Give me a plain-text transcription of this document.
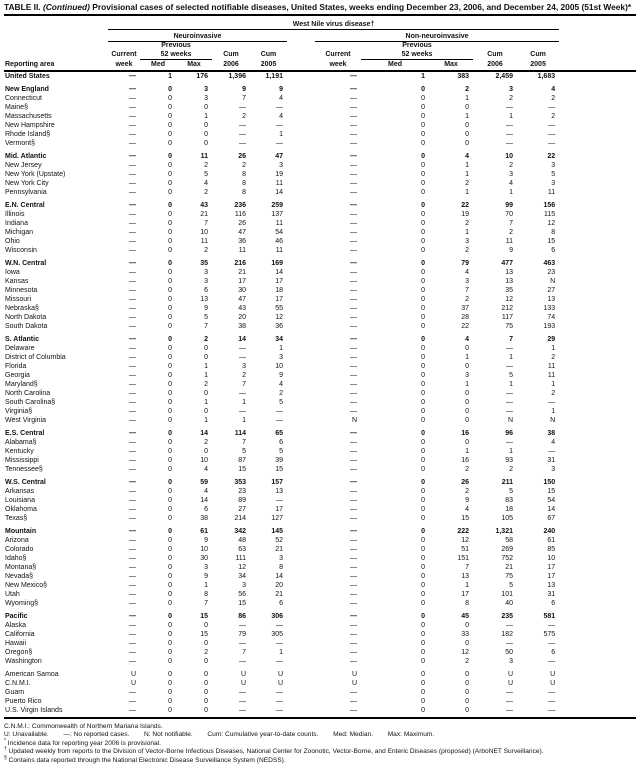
TABLE II. (Continued) Provisional cases of selected notifiable diseases, United States, weeks ending December 23, 2006, and December 24, 2005 (51st Week)*
	West Nile virus disease†											
	Neuroinvasive						Non-neuroinvasive					
		Previous						Previous				
	Current	52 weeks		Cum	Cum		Current	52 weeks		Cum	Cum	
Reporting area	week	Med	Max	2006	2005		week	Med	Max	2006	2005	
United States	—	1	176	1,396	1,191		—	1	383	2,459	1,683	

New England	—	0	3	9	9		—	0	2	3	4	
Connecticut	—	0	3	7	4		—	0	1	2	2	
Maine§	—	0	0	—	—		—	0	0	—	—	
Massachusetts	—	0	1	2	4		—	0	1	1	2	
New Hampshire	—	0	0	—	—		—	0	0	—	—	
Rhode Island§	—	0	0	—	1		—	0	0	—	—	
Vermont§	—	0	0	—	—		—	0	0	—	—	

Mid. Atlantic	—	0	11	26	47		—	0	4	10	22	
New Jersey	—	0	2	2	3		—	0	1	2	3	
New York (Upstate)	—	0	5	8	19		—	0	1	3	5	
New York City	—	0	4	8	11		—	0	2	4	3	
Pennsylvania	—	0	2	8	14		—	0	1	1	11	

E.N. Central	—	0	43	236	259		—	0	22	99	156	
Illinois	—	0	21	116	137		—	0	19	70	115	
Indiana	—	0	7	26	11		—	0	2	7	12	
Michigan	—	0	10	47	54		—	0	1	2	8	
Ohio	—	0	11	36	46		—	0	3	11	15	
Wisconsin	—	0	2	11	11		—	0	2	9	6	

W.N. Central	—	0	35	216	169		—	0	79	477	463	
Iowa	—	0	3	21	14		—	0	4	13	23	
Kansas	—	0	3	17	17		—	0	3	13	N	
Minnesota	—	0	6	30	18		—	0	7	35	27	
Missouri	—	0	13	47	17		—	0	2	12	13	
Nebraska§	—	0	9	43	55		—	0	37	212	133	
North Dakota	—	0	5	20	12		—	0	28	117	74	
South Dakota	—	0	7	38	36		—	0	22	75	193	

S. Atlantic	—	0	2	14	34		—	0	4	7	29	
Delaware	—	0	0	—	1		—	0	0	—	1	
District of Columbia	—	0	0	—	3		—	0	1	1	2	
Florida	—	0	1	3	10		—	0	0	—	11	
Georgia	—	0	1	2	9		—	0	3	5	11	
Maryland§	—	0	2	7	4		—	0	1	1	1	
North Carolina	—	0	0	—	2		—	0	0	—	2	
South Carolina§	—	0	1	1	5		—	0	0	—	—	
Virginia§	—	0	0	—	—		—	0	0	—	1	
West Virginia	—	0	1	1	—		N	0	0	N	N	

E.S. Central	—	0	14	114	65		—	0	16	96	38	
Alabama§	—	0	2	7	6		—	0	0	—	4	
Kentucky	—	0	0	5	5		—	0	1	1	—	
Mississippi	—	0	10	87	39		—	0	16	93	31	
Tennessee§	—	0	4	15	15		—	0	2	2	3	

W.S. Central	—	0	59	353	157		—	0	26	211	150	
Arkansas	—	0	4	23	13		—	0	2	5	15	
Louisiana	—	0	14	89	—		—	0	9	83	54	
Oklahoma	—	0	6	27	17		—	0	4	18	14	
Texas§	—	0	38	214	127		—	0	15	105	67	

Mountain	—	0	61	342	145		—	0	222	1,321	240	
Arizona	—	0	9	48	52		—	0	12	58	61	
Colorado	—	0	10	63	21		—	0	51	269	85	
Idaho§	—	0	30	111	3		—	0	151	752	10	
Montana§	—	0	3	12	8		—	0	7	21	17	
Nevada§	—	0	9	34	14		—	0	13	75	17	
New Mexico§	—	0	1	3	20		—	0	1	5	13	
Utah	—	0	8	56	21		—	0	17	101	31	
Wyoming§	—	0	7	15	6		—	0	8	40	6	

Pacific	—	0	15	86	306		—	0	45	235	581	
Alaska	—	0	0	—	—		—	0	0	—	—	
California	—	0	15	79	305		—	0	33	182	575	
Hawaii	—	0	0	—	—		—	0	0	—	—	
Oregon§	—	0	2	7	1		—	0	12	50	6	
Washington	—	0	0	—	—		—	0	2	3	—	

American Samoa	U	0	0	U	U		U	0	0	U	U	
C.N.M.I.	U	0	0	U	U		U	0	0	U	U	
Guam	—	0	0	—	—		—	0	0	—	—	
Puerto Rico	—	0	0	—	—		—	0	0	—	—	
U.S. Virgin Islands	—	0	0	—	—		—	0	0	—	—	
C.N.M.I.: Commonwealth of Northern Mariana Islands.
U: Unavailable.        —: No reported cases.        N: Not notifiable.        Cum: Cumulative year-to-date counts.        Med: Median.        Max: Maximum.
* Incidence data for reporting year 2006 is provisional.
† Updated weekly from reports to the Division of Vector-Borne Infectious Diseases, National Center for Zoonotic, Vector-Borne, and Enteric Diseases (proposed) (ArboNET Surveillance).
§ Contains data reported through the National Electronic Disease Surveillance System (NEDSS).
